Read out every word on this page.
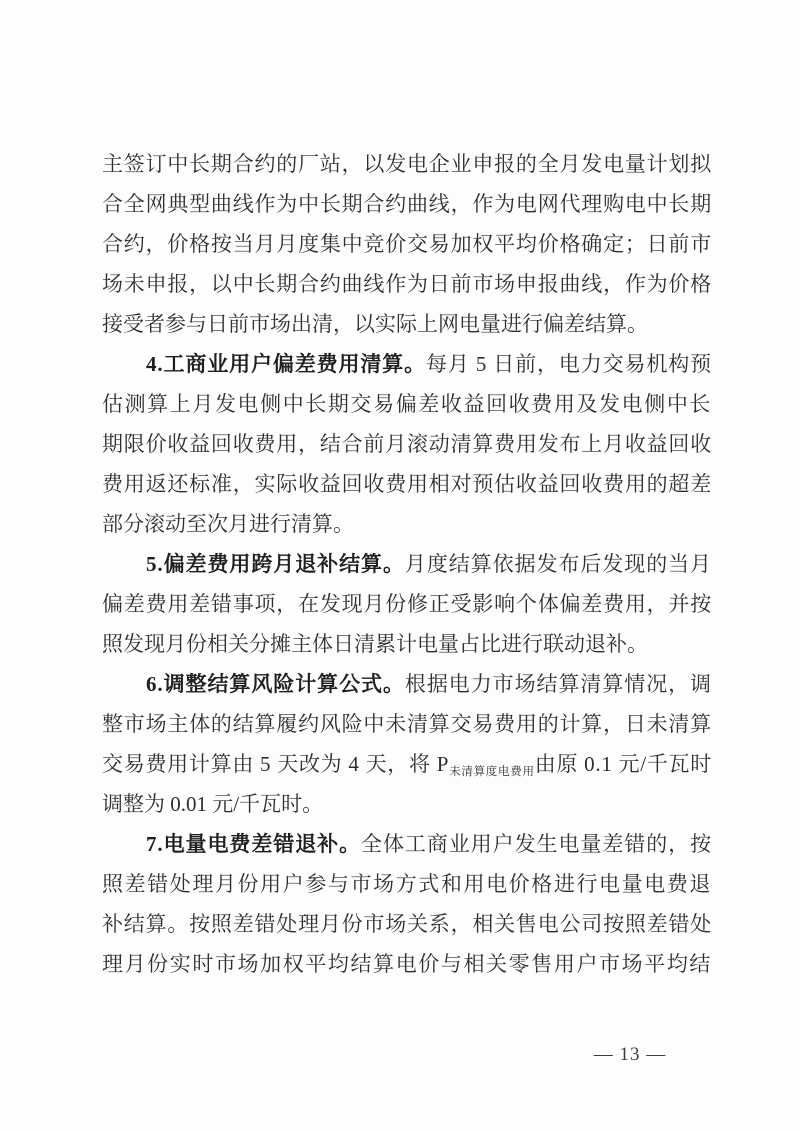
主签订中长期合约的厂站，以发电企业申报的全月发电量计划拟
合全网典型曲线作为中长期合约曲线，作为电网代理购电中长期
合约，价格按当月月度集中竞价交易加权平均价格确定；日前市
场未申报，以中长期合约曲线作为日前市场申报曲线，作为价格
接受者参与日前市场出清，以实际上网电量进行偏差结算。
4.工商业用户偏差费用清算。每月 5 日前，电力交易机构预
估测算上月发电侧中长期交易偏差收益回收费用及发电侧中长
期限价收益回收费用，结合前月滚动清算费用发布上月收益回收
费用返还标准，实际收益回收费用相对预估收益回收费用的超差
部分滚动至次月进行清算。
5.偏差费用跨月退补结算。月度结算依据发布后发现的当月
偏差费用差错事项，在发现月份修正受影响个体偏差费用，并按
照发现月份相关分摊主体日清累计电量占比进行联动退补。
6.调整结算风险计算公式。根据电力市场结算清算情况，调
整市场主体的结算履约风险中未清算交易费用的计算，日未清算
交易费用计算由 5 天改为 4 天，将 P未清算度电费用由原 0.1 元/千瓦时
调整为 0.01 元/千瓦时。
7.电量电费差错退补。全体工商业用户发生电量差错的，按
照差错处理月份用户参与市场方式和用电价格进行电量电费退
补结算。按照差错处理月份市场关系，相关售电公司按照差错处
理月份实时市场加权平均结算电价与相关零售用户市场平均结
— 13 —
